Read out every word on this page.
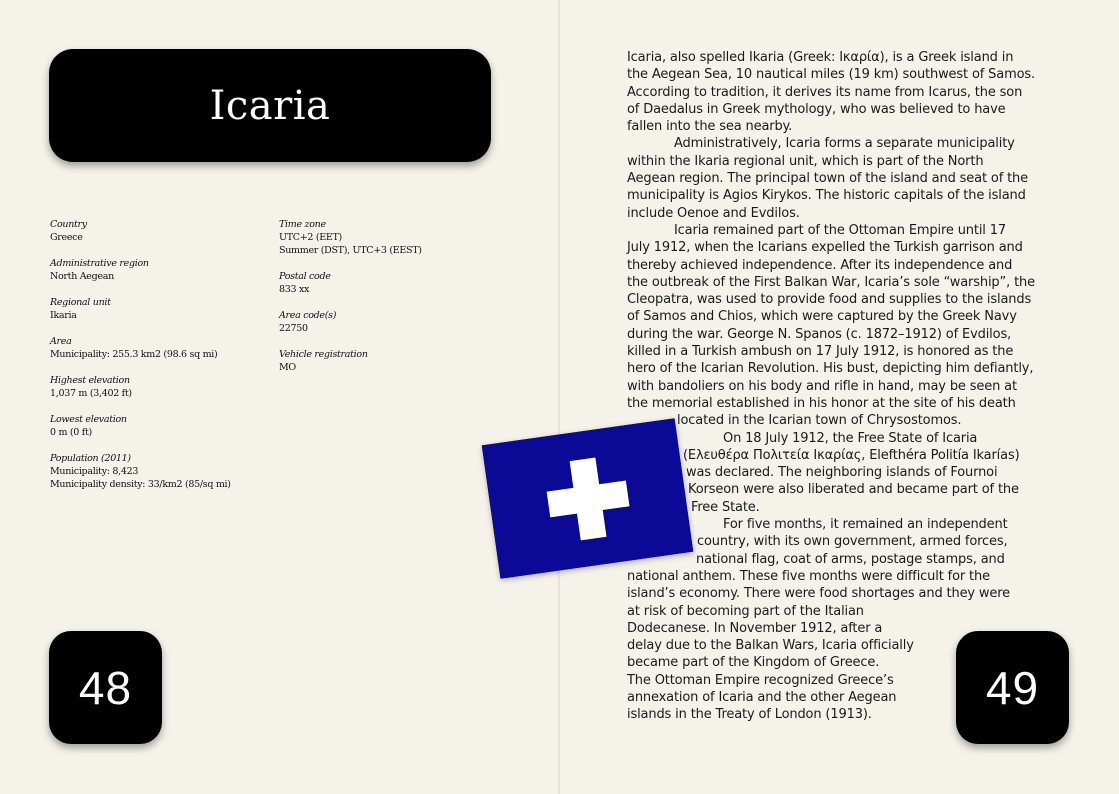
Icaria
Country
Greece
Administrative region
North Aegean
Regional unit
Ikaria
Area
Municipality: 255.3 km2 (98.6 sq mi)
Highest elevation
1,037 m (3,402 ft)
Lowest elevation
0 m (0 ft)
Population (2011)
Municipality: 8,423
Municipality density: 33/km2 (85/sq mi)
Time zone
UTC+2 (EET)
Summer (DST), UTC+3 (EEST)
Postal code
833 xx
Area code(s)
22750
Vehicle registration
MO
48	49
Icaria, also spelled Ikaria (Greek: Ικαρία), is a Greek island in
the Aegean Sea, 10 nautical miles (19 km) southwest of Samos.
According to tradition, it derives its name from Icarus, the son
of Daedalus in Greek mythology, who was believed to have
fallen into the sea nearby.
Administratively, Icaria forms a separate municipality
within the Ikaria regional unit, which is part of the North
Aegean region. The principal town of the island and seat of the
municipality is Agios Kirykos. The historic capitals of the island
include Oenoe and Evdilos.
Icaria remained part of the Ottoman Empire until 17
July 1912, when the Icarians expelled the Turkish garrison and
thereby achieved independence. After its independence and
the outbreak of the First Balkan War, Icaria’s sole “warship”, the
Cleopatra, was used to provide food and supplies to the islands
of Samos and Chios, which were captured by the Greek Navy
during the war. George N. Spanos (c. 1872–1912) of Evdilos,
killed in a Turkish ambush on 17 July 1912, is honored as the
hero of the Icarian Revolution. His bust, depicting him defiantly,
with bandoliers on his body and rifle in hand, may be seen at
the memorial established in his honor at the site of his death
located in the Icarian town of Chrysostomos.
On 18 July 1912, the Free State of Icaria
(Ελευθέρα Πολιτεία Ικαρίας, Elefthéra Politía Ikarías)
was declared. The neighboring islands of Fournoi
Korseon were also liberated and became part of the
Free State.
For five months, it remained an independent
country, with its own government, armed forces,
national flag, coat of arms, postage stamps, and
national anthem. These five months were difficult for the
island’s economy. There were food shortages and they were
at risk of becoming part of the Italian
Dodecanese. In November 1912, after a
delay due to the Balkan Wars, Icaria officially
became part of the Kingdom of Greece.
The Ottoman Empire recognized Greece’s
annexation of Icaria and the other Aegean
islands in the Treaty of London (1913).
